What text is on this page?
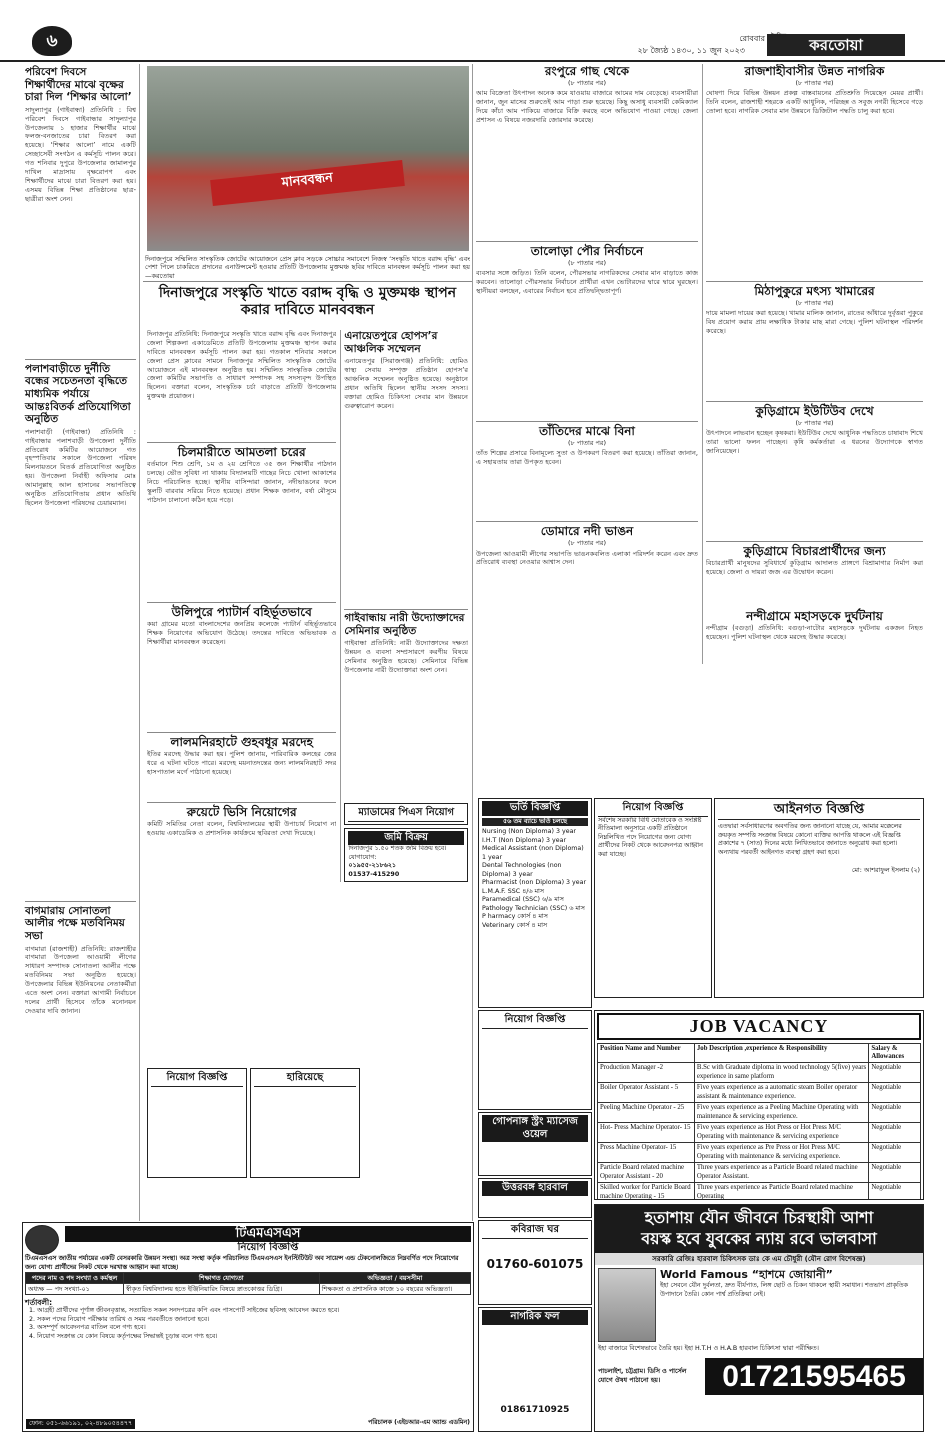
৬	রোববার
২৮ জ্যৈষ্ঠ ১৪৩০, ১১ জুন ২০২৩
দৈনিক করতোয়া
পরিবেশ দিবসে শিক্ষার্থীদের মাঝে বৃক্ষের চারা দিল ‘শিক্ষার আলো’
সাদুল্যাপুর (গাইবান্ধা) প্রতিনিধি : বিশ্ব পরিবেশ দিবসে গাইবান্ধার সাদুল্যাপুর উপজেলায় ১ হাজার শিক্ষার্থীর মাঝে ফলজ-বনজাতের চারা বিতরণ করা হয়েছে। ‘শিক্ষার আলো’ নামে একটি সেচ্ছাসেবী সংগঠন এ কর্মসূচি পালন করে। গত শনিবার দুপুরে উপজেলার জামালপুর দাখিল মাদ্রাসায় বৃক্ষরোপণ এবং শিক্ষার্থীদের মাঝে চারা বিতরণ করা হয়। এসময় বিভিন্ন শিক্ষা প্রতিষ্ঠানের ছাত্র-ছাত্রীরা অংশ নেন।
পলাশবাড়ীতে দুর্নীতি বন্ধের সচেতনতা বৃদ্ধিতে মাধ্যমিক পর্যায়ে আন্তঃবিতর্ক প্রতিযোগিতা অনুষ্ঠিত
পলাশবাড়ী (গাইবান্ধা) প্রতিনিধি : গাইবান্ধার পলাশবাড়ী উপজেলা দুর্নীতি প্রতিরোধ কমিটির আয়োজনে গত বৃহস্পতিবার সকালে উপজেলা পরিষদ মিলনায়তনে বিতর্ক প্রতিযোগিতা অনুষ্ঠিত হয়। উপজেলা নির্বাহী অফিসার মোঃ আমানুল্লাহ আল হাসানের সভাপতিত্বে অনুষ্ঠিত প্রতিযোগিতায় প্রধান অতিথি ছিলেন উপজেলা পরিষদের চেয়ারম্যান।
বাগমারায় সোনাতলা আলীর পক্ষে মতবিনিময় সভা
বাগমারা (রাজশাহী) প্রতিনিধি: রাজশাহীর বাগমারা উপজেলা আওয়ামী লীগের সাধারণ সম্পাদক সোনাতলা আলীর পক্ষে মতবিনিময় সভা অনুষ্ঠিত হয়েছে। উপজেলার বিভিন্ন ইউনিয়নের নেতাকর্মীরা এতে অংশ নেন। বক্তারা আগামী নির্বাচনে দলের প্রার্থী হিসেবে তাঁকে মনোনয়ন দেওয়ার দাবি জানান।
মানববন্ধন
দিনাজপুরে সম্মিলিত সাংস্কৃতিক জোটের আয়োজনে প্রেস ক্লাব সড়কে সোচ্চার সমাবেশে নিজস্ব ‘সংস্কৃতি খাতে বরাদ্দ বৃদ্ধি’ এবং পেশা পিলে চাকরিতে প্রদানের এনাউন্সমেন্ট হওয়ার প্রতিটি উপজেলায় মুক্তমঞ্চ ছবির দাবিতে মানবন্ধন কর্মসূচি পালন করা হয় —করতোয়া
দিনাজপুরে সংস্কৃতি খাতে বরাদ্দ বৃদ্ধি ও মুক্তমঞ্চ স্থাপন করার দাবিতে মানববন্ধন
দিনাজপুর প্রতিনিধি: দিনাজপুরে সংস্কৃতি খাতে বরাদ্দ বৃদ্ধি এবং দিনাজপুর জেলা শিল্পকলা একাডেমিতে প্রতিটি উপজেলায় মুক্তমঞ্চ স্থাপন করার দাবিতে মানববন্ধন কর্মসূচি পালন করা হয়। গতকাল শনিবার সকালে জেলা প্রেস ক্লাবের সামনে দিনাজপুর সম্মিলিত সাংস্কৃতিক জোটের আয়োজনে এই মানববন্ধন অনুষ্ঠিত হয়। সম্মিলিত সাংস্কৃতিক জোটের জেলা কমিটির সভাপতি ও সাধারণ সম্পাদক সহ সদস্যবৃন্দ উপস্থিত ছিলেন। বক্তারা বলেন, সাংস্কৃতিক চর্চা বাড়াতে প্রতিটি উপজেলায় মুক্তমঞ্চ প্রয়োজন।
চিলমারীতে আমতলা চরের
বর্তমানে শিশু শ্রেণি, ১ম ও ২য় শ্রেণিতে ৩৫ জন শিক্ষার্থীর পাঠদান চলছে। ভৌত সুবিধা না থাকায় বিদ্যালয়টি গাছের নিচে খোলা আকাশের নিচে পরিচালিত হচ্ছে। স্থানীয় বাসিন্দারা জানান, নদীভাঙনের ফলে স্কুলটি বারবার সরিয়ে নিতে হয়েছে। প্রধান শিক্ষক জানান, বর্ষা মৌসুমে পাঠদান চালানো কঠিন হয়ে পড়ে।
উলিপুরে প্যাটার্ন বহির্ভূতভাবে
কয়া গ্রামের মতো বাংলাদেশের জনপ্রিয় কলেজে প্যাটার্ন বহির্ভূতভাবে শিক্ষক নিয়োগের অভিযোগ উঠেছে। তদন্তের দাবিতে অভিভাবক ও শিক্ষার্থীরা মানববন্ধন করেছেন।
লালমনিরহাটে গুহবধূর মরদেহ
ইতির মরদেহ উদ্ধার করা হয়। পুলিশ জানায়, পারিবারিক কলহের জের ধরে এ ঘটনা ঘটতে পারে। মরদেহ ময়নাতদন্তের জন্য লালমনিরহাট সদর হাসপাতাল মর্গে পাঠানো হয়েছে।
রুয়েটে ভিসি নিয়োগের
কমিটি সমিতির নেতা বলেন, বিশ্ববিদ্যালয়ের স্থায়ী উপাচার্য নিয়োগ না হওয়ায় একাডেমিক ও প্রশাসনিক কার্যক্রমে স্থবিরতা দেখা দিয়েছে।
এনায়েতপুরে হোপস’র আঞ্চলিক সম্মেলন
এনায়েতপুর (সিরাজগঞ্জ) প্রতিনিধি: হোমিও স্বাস্থ্য সেবায় সম্পৃক্ত প্রতিষ্ঠান হোপস’র আঞ্চলিক সম্মেলন অনুষ্ঠিত হয়েছে। অনুষ্ঠানে প্রধান অতিথি ছিলেন স্থানীয় সংসদ সদস্য। বক্তারা হোমিও চিকিৎসা সেবার মান উন্নয়নে গুরুত্বারোপ করেন।
গাইবান্ধায় নারী উদ্যোক্তাদের সেমিনার অনুষ্ঠিত
গাইবান্ধা প্রতিনিধি: নারী উদ্যোক্তাদের দক্ষতা উন্নয়ন ও ব্যবসা সম্প্রসারণে করণীয় বিষয়ে সেমিনার অনুষ্ঠিত হয়েছে। সেমিনারে বিভিন্ন উপজেলার নারী উদ্যোক্তারা অংশ নেন।
ম্যাডামের পিএস নিয়োগ
জমি বিক্রয়
দিনাজপুর ১.৫০ শতক জমি বিক্রয় হবে। যোগাযোগ:
০১৯৫৫-২১৮৬২১
01537-415290
নিয়োগ বিজ্ঞপ্তি	হারিয়েছে
রংপুরে গাছ থেকে
(৮ পাতার পর)
আম বিক্রেতা উৎপাদন অনেক কমে যাওয়ায় বাজারে আমের দাম বেড়েছে। ব্যবসায়ীরা জানান, জুন মাসের শুরুতেই আম পাড়া শুরু হয়েছে। কিছু অসাধু ব্যবসায়ী কেমিক্যাল দিয়ে কাঁচা আম পাকিয়ে বাজারে বিক্রি করছে বলে অভিযোগ পাওয়া গেছে। জেলা প্রশাসন এ বিষয়ে নজরদারি জোরদার করেছে।
তালোড়া পৌর নির্বাচনে
(৮ পাতার পর)
ব্যবসার সঙ্গে জড়িত। তিনি বলেন, পৌরসভার নাগরিকদের সেবার মান বাড়াতে কাজ করবেন। তালোড়া পৌরসভার নির্বাচনে প্রার্থীরা এখন ভোটারদের দ্বারে দ্বারে ঘুরছেন। স্থানীয়রা বলছেন, এবারের নির্বাচন হবে প্রতিদ্বন্দ্বিতাপূর্ণ।
তাঁতিদের মাঝে বিনা
(৮ পাতার পর)
তাঁত শিল্পের প্রসারে বিনামূল্যে সুতা ও উপকরণ বিতরণ করা হয়েছে। তাঁতিরা জানান, এ সহায়তায় তারা উপকৃত হবেন।
ডোমারে নদী ভাঙন
(৮ পাতার পর)
উপজেলা আওয়ামী লীগের সভাপতি ভাঙনকবলিত এলাকা পরিদর্শন করেন এবং দ্রুত প্রতিরোধ ব্যবস্থা নেওয়ার আশ্বাস দেন।
রাজশাহীবাসীর উন্নত নাগরিক
(৮ পাতার পর)
ঘোষণা দিয়ে বিভিন্ন উন্নয়ন প্রকল্প বাস্তবায়নের প্রতিশ্রুতি দিয়েছেন মেয়র প্রার্থী। তিনি বলেন, রাজশাহী শহরকে একটি আধুনিক, পরিচ্ছন্ন ও সবুজ নগরী হিসেবে গড়ে তোলা হবে। নাগরিক সেবার মান উন্নয়নে ডিজিটাল পদ্ধতি চালু করা হবে।
মিঠাপুকুরে মৎস্য খামারের
(৮ পাতার পর)
দায়ে মামলা দায়ের করা হয়েছে। খামার মালিক জানান, রাতের আঁধারে দুর্বৃত্তরা পুকুরে বিষ প্রয়োগ করায় প্রায় লক্ষাধিক টাকার মাছ মারা গেছে। পুলিশ ঘটনাস্থল পরিদর্শন করেছে।
কুড়িগ্রামে ইউটিউব দেখে
(৮ পাতার পর)
উৎপাদনে লাভবান হচ্ছেন কৃষকরা। ইউটিউব দেখে আধুনিক পদ্ধতিতে চাষাবাদ শিখে তারা ভালো ফলন পাচ্ছেন। কৃষি কর্মকর্তারা এ ধরনের উদ্যোগকে স্বাগত জানিয়েছেন।
কুড়িগ্রামে বিচারপ্রার্থীদের জন্য
বিচারপ্রার্থী মানুষদের সুবিধার্থে কুড়িগ্রাম আদালত প্রাঙ্গণে বিশ্রামাগার নির্মাণ করা হয়েছে। জেলা ও দায়রা জজ এর উদ্বোধন করেন।
নন্দীগ্রামে মহাসড়কে দুর্ঘটনায়
নন্দীগ্রাম (বগুড়া) প্রতিনিধি: বগুড়া-নাটোর মহাসড়কে দুর্ঘটনায় একজন নিহত হয়েছেন। পুলিশ ঘটনাস্থল থেকে মরদেহ উদ্ধার করেছে।
ভর্তি বিজ্ঞপ্তি
৫৬ তম ব্যাচে ভর্তি চলছে
Nursing (Non Diploma) 3 year
I.H.T (Non Diploma) 3 year
Medical Assistant (non Diploma) 1 year
Dental Technologies (non Diploma) 3 year
Pharmacist (non Diploma) 3 year
L.M.A.F. SSC ৪/৬ মাস
Paramedical (SSC) ৬/৯ মাস
Pathology Technician (SSC) ৬ মাস
P harmacy কোর্স ৪ মাস
Veterinary কোর্স ৪ মাস
নিয়োগ বিজ্ঞপ্তি
সর্বশেষ সরকারি বিধি মোতাবেক ও সংশ্লিষ্ট নীতিমালা অনুসারে একটি প্রতিষ্ঠানে নিম্নলিখিত পদে নিয়োগের জন্য যোগ্য প্রার্থীদের নিকট থেকে আবেদনপত্র আহ্বান করা যাচ্ছে।
আইনগত বিজ্ঞপ্তি
এতদ্বারা সর্বসাধারণের অবগতির জন্য জানানো যাচ্ছে যে, আমার মক্কেলের ক্রয়কৃত সম্পত্তি সংক্রান্ত বিষয়ে কোনো ব্যক্তির আপত্তি থাকলে এই বিজ্ঞপ্তি প্রকাশের ৭ (সাত) দিনের মধ্যে লিখিতভাবে জানাতে অনুরোধ করা হলো। অন্যথায় পরবর্তী আইনগত ব্যবস্থা গ্রহণ করা হবে।
মো: আশরাফুল ইসলাম (২)
নিয়োগ বিজ্ঞপ্তি
গোপনাঙ্গ স্ট্রং ম্যাসেজ ওয়েল
উত্তরবঙ্গ হারবাল
কবিরাজ ঘর
01760-601075
নাগরিক ফল
01861710925
JOB VACANCY
Position Name and Number	Job Description ,experience & Responsibility	Salary & Allowances
Production Manager -2	B.Sc with Graduate diploma in wood technology 5(five) years experience in same platform	Negotiable
Boiler Operator Assistant - 5	Five years experience as a automatic steam Boiler operator assistant & maintenance experience.	Negotiable
Peeling Machine Operator - 25	Five years experience as a Peeling Machine Operating with maintenance & servicing experience.	Negotiable
Hot- Press Machine Operator- 15	Five years experience as Hot Press or Hot Press M/C Operating with maintenance & servicing experience	Negotiable
Press Machine Operator- 15	Five years experience as Pre Press or Hot Press M/C Operating with maintenance & servicing experience.	Negotiable
Particle Board related machine Operator Assistant - 20	Three years experience as a Particle Board related machine Operator Assistant.	Negotiable
Skilled worker for Particle Board machine Operating - 15	Three years experience as Particle Board related machine Operating	Negotiable
হতাশায় যৌন জীবনে চিরস্থায়ী আশা
বয়স্ক হবে যুবকের ন্যায় রবে ভালবাসা
সরকারি রেজিঃ হারবাল চিকিৎসক ডাঃ কে এম চৌধুরী (যৌন রোগ বিশেষজ্ঞ)
World Famous “হাশমে জোয়ানী”
ইহা সেবনে যৌন দুর্বলতা, দ্রুত বীর্যপাত, লিঙ্গ ছোট ও চিকন থাকলে স্থায়ী সমাধান। শতভাগ প্রাকৃতিক উপাদানে তৈরি। কোন পার্শ্ব প্রতিক্রিয়া নেই।
ইহা বাজারে বিশেষভাবে তৈরি হয়। ইহা H.T.H ও H.A.B হারবাল চিকিৎসা দ্বারা পরীক্ষিত।
পাচলাইশ, চট্টগ্রাম। ডিসি ও পার্সেল যোগে ঔষধ পাঠানো হয়।	01721595465
টিএমএসএস
নিয়োগ বিজ্ঞপ্তি
টিএমএসএস জাতীয় পর্যায়ের একটি বেসরকারি উন্নয়ন সংস্থা। অত্র সংস্থা কর্তৃক পরিচালিত টিএমএসএস ইনস্টিটিউট অব সায়েন্স এন্ড টেকনোলজিতে নিম্নবর্ণিত পদে নিয়োগের জন্য যোগ্য প্রার্থীদের নিকট থেকে দরখাস্ত আহ্বান করা যাচ্ছে।
পদের নাম ও পদ সংখ্যা ও কর্মস্থল	শিক্ষাগত যোগ্যতা	অভিজ্ঞতা / বয়সসীমা
অধ্যক্ষ — পদ সংখ্যা-০১	স্বীকৃত বিশ্ববিদ্যালয় হতে ইঞ্জিনিয়ারিং বিষয়ে স্নাতকোত্তর ডিগ্রি।	শিক্ষকতা ও প্রশাসনিক কাজে ১০ বছরের অভিজ্ঞতা।
শর্তাবলী:
1. আগ্রহী প্রার্থীদের পূর্ণাঙ্গ জীবনবৃত্তান্ত, সত্যায়িত সকল সনদপত্রের কপি এবং পাসপোর্ট সাইজের ছবিসহ আবেদন করতে হবে।
2. সকল পদের নিয়োগ পরীক্ষার তারিখ ও সময় পরবর্তীতে জানানো হবে।
3. অসম্পূর্ণ আবেদনপত্র বাতিল বলে গণ্য হবে।
4. নিয়োগ সংক্রান্ত যে কোন বিষয়ে কর্তৃপক্ষের সিদ্ধান্তই চূড়ান্ত বলে গণ্য হবে।
ফোন: ০৫১-৬৬১৯১, ০২-৪৮৯০৫৪৪৭৭	পরিচালক (এইচআর-এম অ্যান্ড এডমিন)
